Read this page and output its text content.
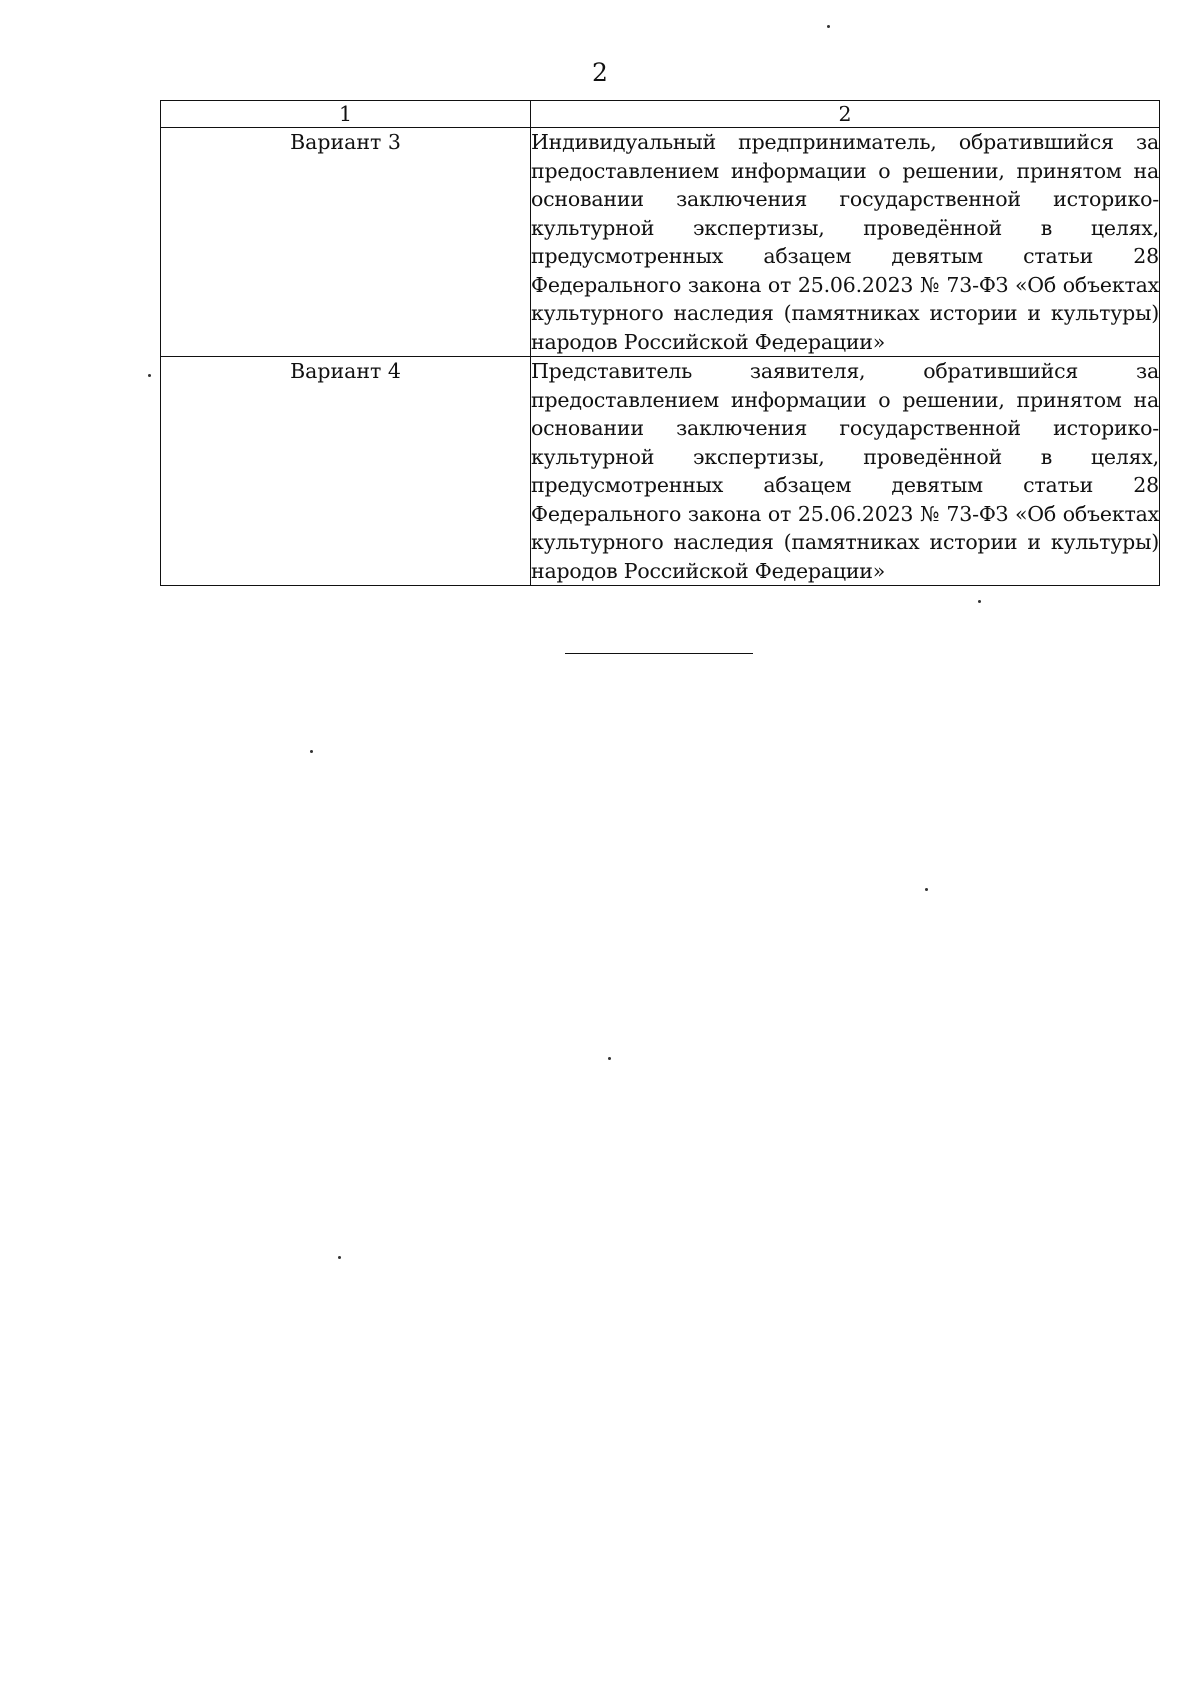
2
1	2
Вариант 3	Индивидуальный предприниматель, обратившийся за предоставлением информации о решении, принятом на основании заключения государственной историко-культурной экспертизы, проведённой в целях, предусмотренных абзацем девятым статьи 28 Федерального закона от 25.06.2023 № 73-ФЗ «Об объектах культурного наследия (памятниках истории и культуры) народов Российской Федерации»
Вариант 4	Представитель заявителя, обратившийся за предоставлением информации о решении, принятом на основании заключения государственной историко-культурной экспертизы, проведённой в целях, предусмотренных абзацем девятым статьи 28 Федерального закона от 25.06.2023 № 73-ФЗ «Об объектах культурного наследия (памятниках истории и культуры) народов Российской Федерации»
